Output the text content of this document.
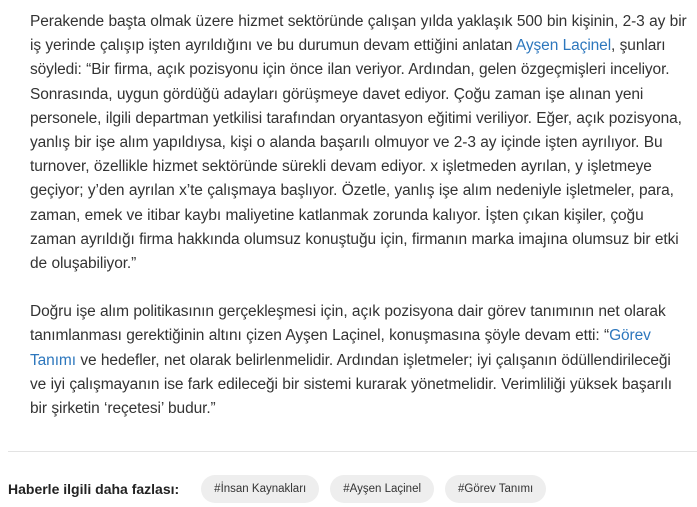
Perakende başta olmak üzere hizmet sektöründe çalışan yılda yaklaşık 500 bin kişinin, 2-3 ay bir iş yerinde çalışıp işten ayrıldığını ve bu durumun devam ettiğini anlatan Ayşen Laçinel, şunları söyledi: “Bir firma, açık pozisyonu için önce ilan veriyor. Ardından, gelen özgeçmişleri inceliyor. Sonrasında, uygun gördüğü adayları görüşmeye davet ediyor. Çoğu zaman işe alınan yeni personele, ilgili departman yetkilisi tarafından oryantasyon eğitimi veriliyor. Eğer, açık pozisyona, yanlış bir işe alım yapıldıysa, kişi o alanda başarılı olmuyor ve 2-3 ay içinde işten ayrılıyor. Bu turnover, özellikle hizmet sektöründe sürekli devam ediyor. x işletmeden ayrılan, y işletmeye geçiyor; y’den ayrılan x’te çalışmaya başlıyor. Özetle, yanlış işe alım nedeniyle işletmeler, para, zaman, emek ve itibar kaybı maliyetine katlanmak zorunda kalıyor. İşten çıkan kişiler, çoğu zaman ayrıldığı firma hakkında olumsuz konuştuğu için, firmanın marka imajına olumsuz bir etki de oluşabiliyor.”

Doğru işe alım politikasının gerçekleşmesi için, açık pozisyona dair görev tanımının net olarak tanımlanması gerektiğinin altını çizen Ayşen Laçinel, konuşmasına şöyle devam etti: “Görev Tanımı ve hedefler, net olarak belirlenmelidir. Ardından işletmeler; iyi çalışanın ödüllendirileceği ve iyi çalışmayanın ise fark edileceği bir sistemi kurarak yönetmelidir. Verimliliği yüksek başarılı bir şirketin ‘reçetesi’ budur.”

Haberle ilgili daha fazlası:	#İnsan Kaynakları	#Ayşen Laçinel	#Görev Tanımı
